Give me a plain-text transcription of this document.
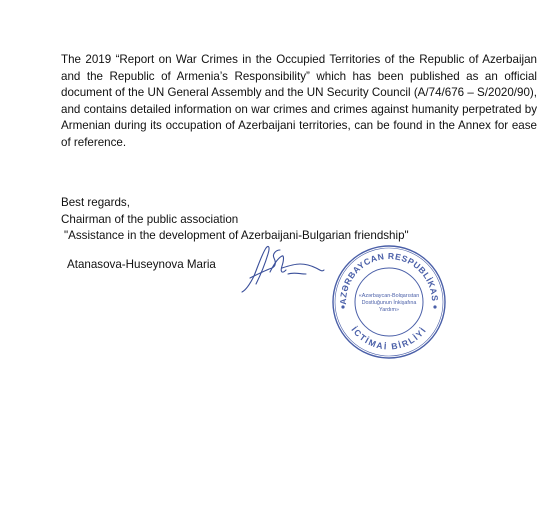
The 2019 “Report on War Crimes in the Occupied Territories of the Republic of Azerbaijan and the Republic of Armenia’s Responsibility” which has been published as an official document of the UN General Assembly and the UN Security Council (A/74/676 – S/2020/90), and contains detailed information on war crimes and crimes against humanity perpetrated by Armenian during its occupation of Azerbaijani territories, can be found in the Annex for ease of reference.

Best regards,
Chairman of the public association
"Assistance in the development of Azerbaijani-Bulgarian friendship"
Atanasova-Huseynova Maria
AZƏRBAYCAN RESPUBLİKAS
İCTİMAİ BİRLİYİ
«Azərbaycan-Bolqarıstan
Dostluğunun İnkişafına
Yardım»
